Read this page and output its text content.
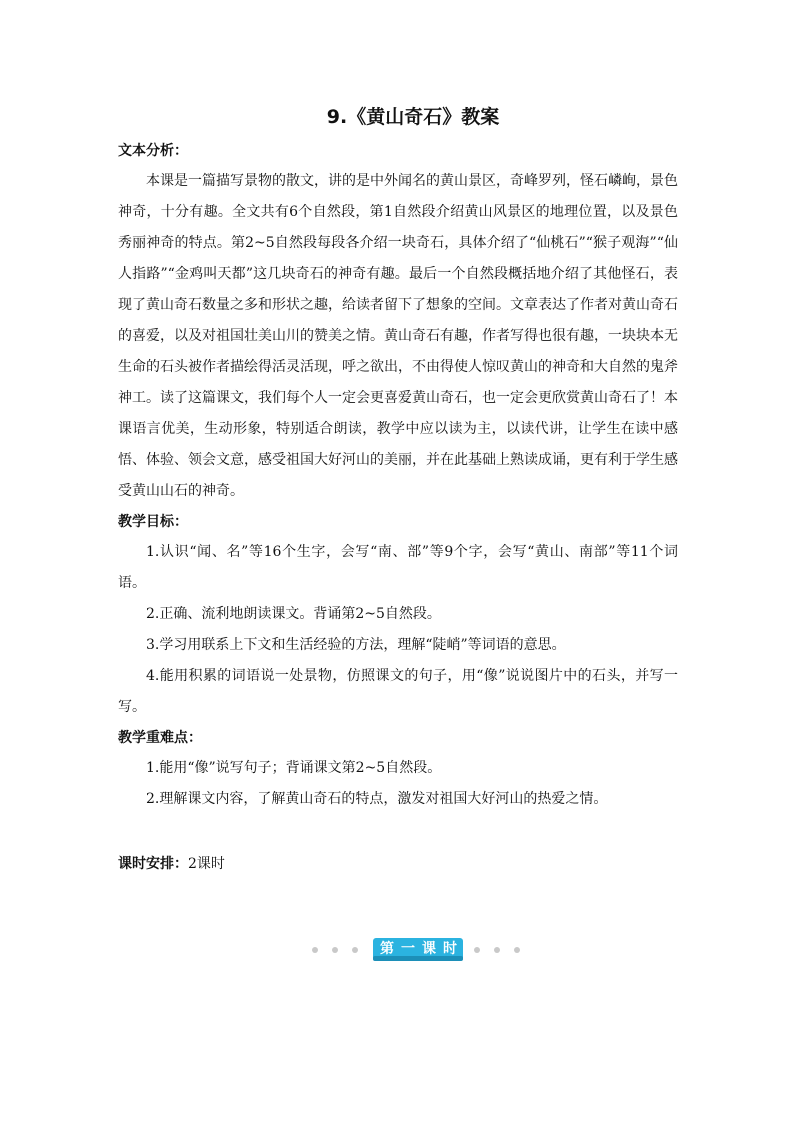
9.《黄山奇石》教案
文本分析：

本课是一篇描写景物的散文，讲的是中外闻名的黄山景区，奇峰罗列，怪石嶙峋，景色神奇，十分有趣。全文共有6个自然段，第1自然段介绍黄山风景区的地理位置，以及景色秀丽神奇的特点。第2~5自然段每段各介绍一块奇石，具体介绍了“仙桃石”“猴子观海”“仙人指路”“金鸡叫天都”这几块奇石的神奇有趣。最后一个自然段概括地介绍了其他怪石，表现了黄山奇石数量之多和形状之趣，给读者留下了想象的空间。文章表达了作者对黄山奇石的喜爱，以及对祖国壮美山川的赞美之情。黄山奇石有趣，作者写得也很有趣，一块块本无生命的石头被作者描绘得活灵活现，呼之欲出，不由得使人惊叹黄山的神奇和大自然的鬼斧神工。读了这篇课文，我们每个人一定会更喜爱黄山奇石，也一定会更欣赏黄山奇石了！本课语言优美，生动形象，特别适合朗读，教学中应以读为主，以读代讲，让学生在读中感悟、体验、领会文意，感受祖国大好河山的美丽，并在此基础上熟读成诵，更有利于学生感受黄山山石的神奇。

教学目标：

1.认识“闻、名”等16个生字，会写“南、部”等9个字，会写“黄山、南部”等11个词语。

2.正确、流利地朗读课文。背诵第2~5自然段。

3.学习用联系上下文和生活经验的方法，理解“陡峭”等词语的意思。

4.能用积累的词语说一处景物，仿照课文的句子，用“像”说说图片中的石头，并写一写。

教学重难点：

1.能用“像”说写句子；背诵课文第2~5自然段。

2.理解课文内容，了解黄山奇石的特点，激发对祖国大好河山的热爱之情。

课时安排：2课时
第 一 课 时
